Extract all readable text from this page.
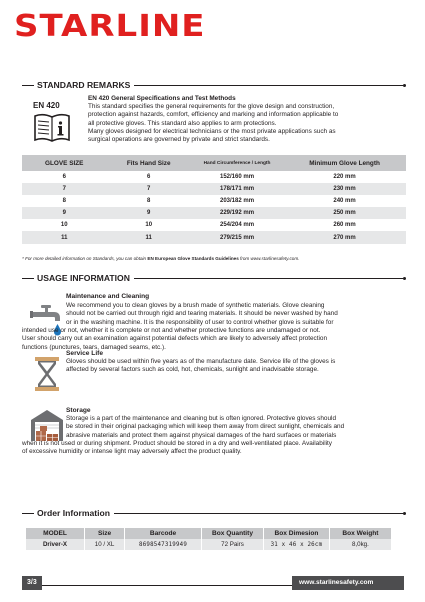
STARLINE
STANDARD REMARKS
EN 420
EN 420 General Specifications and Test Methods

This standard specifies the general requirements for the glove design and construction,

protection against hazards, comfort, efficiency and marking and information applicable to

all protective gloves. This standard also applies to arm protections.

Many gloves designed for electrical technicians or the most private applications such as

surgical operations are governed by private and strict standards.

GLOVE SIZE	Fits Hand Size	Hand Circumference / Length	Minimum Glove Length
6	6	152/160 mm	220 mm
7	7	178/171 mm	230 mm
8	8	203/182 mm	240 mm
9	9	229/192 mm	250 mm
10	10	254/204 mm	260 mm
11	11	279/215 mm	270 mm
* For more detailed information on Standards, you can obtain EN European Glove Standards Guidelines from www.starlinesafety.com.
USAGE INFORMATION
Maintenance and Cleaning

We recommend you to clean gloves by a brush made of synthetic materials. Glove cleaning

should not be carried out through rigid and tearing materials. It should be never washed by hand

or in the washing machine. It is the responsibility of user to control whether glove is suitable for

intended use or not, whether it is complete or not and whether protective functions are undamaged or not.

User should carry out an examination against potential defects which are likely to adversely affect protection

functions (punctures, tears, damaged seams, etc.).

Service Life

Gloves should be used within five years as of the manufacture date. Service life of the gloves is

affected by several factors such as cold, hot, chemicals, sunlight and inadvisable storage.

Storage

Storage is a part of the maintenance and cleaning but is often ignored. Protective gloves should

be stored in their original packaging which will keep them away from direct sunlight, chemicals and

abrasive materials and protect them against physical damages of the hard surfaces or materials

when it is not used or during shipment. Product should be stored in a dry and well-ventilated place. Availability

of excessive humidity or intense light may adversely affect the product quality.

Order Information
MODEL	Size	Barcode	Box Quantity	Box Dimesion	Box Weight
Driver-X	10 / XL	8698547319949	72 Pairs	31 x 46 x 26cm	8,0kg.
3/3	www.starlinesafety.com
